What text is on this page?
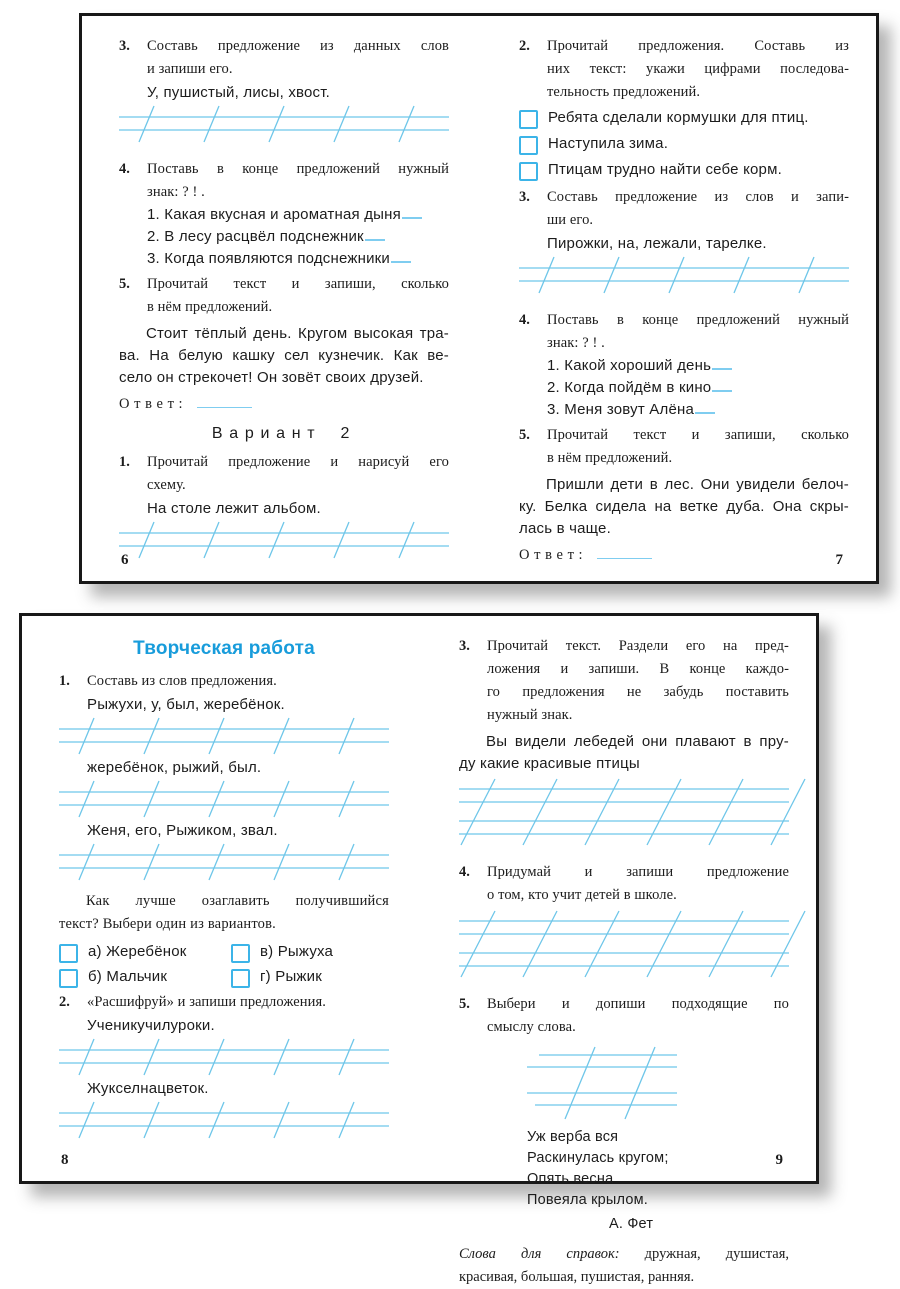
3.	Составь предложение из данных слов
и запиши его.
У, пушистый, лисы, хвост.
4.	Поставь в конце предложений нужный
знак: ? ! .
1. Какая вкусная и ароматная дыня
2. В лесу расцвёл подснежник
3. Когда появляются подснежники
5.	Прочитай текст и запиши, сколько
в нём предложений.
Стоит тёплый день. Кругом высокая тра-
ва. На белую кашку сел кузнечик. Как ве-
село он стрекочет! Он зовёт своих друзей.
Ответ:
Вариант 2
1.	Прочитай предложение и нарисуй его
схему.
На столе лежит альбом.
6
2.	Прочитай предложения. Составь из
них текст: укажи цифрами последова-
тельность предложений.
Ребята сделали кормушки для птиц.
Наступила зима.
Птицам трудно найти себе корм.
3.	Составь предложение из слов и запи-
ши его.
Пирожки, на, лежали, тарелке.
4.	Поставь в конце предложений нужный
знак: ? ! .
1. Какой хороший день
2. Когда пойдём в кино
3. Меня зовут Алёна
5.	Прочитай текст и запиши, сколько
в нём предложений.
Пришли дети в лес. Они увидели белоч-
ку. Белка сидела на ветке дуба. Она скры-
лась в чаще.
Ответ:	7
Творческая работа
1.	Составь из слов предложения.
Рыжухи, у, был, жеребёнок.
жеребёнок, рыжий, был.
Женя, его, Рыжиком, звал.
Как лучше озаглавить получившийся
текст? Выбери один из вариантов.
а) Жеребёнок	в) Рыжуха
б) Мальчик	г) Рыжик
2.	«Расшифруй» и запиши предложения.
Ученикучилуроки.
Жукселнацветок.
8
3.	Прочитай текст. Раздели его на пред-
ложения и запиши. В конце каждо-
го предложения не забудь поставить
нужный знак.
Вы видели лебедей они плавают в пру-
ду какие красивые птицы
4.	Придумай и запиши предложение
о том, кто учит детей в школе.
5.	Выбери и допиши подходящие по
смыслу слова.
Уж верба вся
Раскинулась кругом;
Опять весна
Повеяла крылом.
А. Фет
Слова для справок: дружная, душистая,
красивая, большая, пушистая, ранняя.
9
